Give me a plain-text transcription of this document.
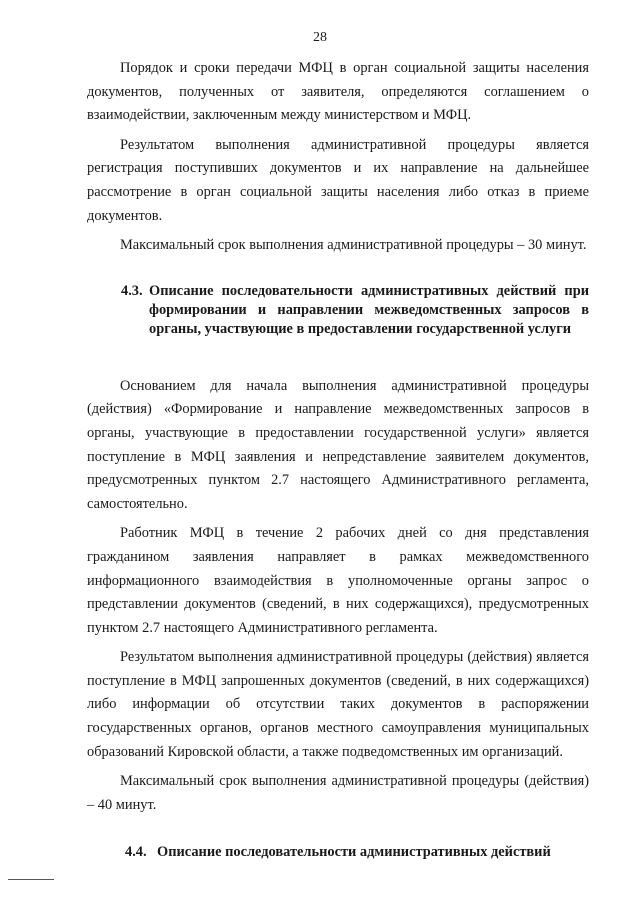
28

Порядок и сроки передачи МФЦ в орган социальной защиты населения документов, полученных от заявителя, определяются соглашением о взаимодействии, заключенным между министерством и МФЦ.

Результатом выполнения административной процедуры является регистрация поступивших документов и их направление на дальнейшее рассмотрение в орган социальной защиты населения либо отказ в приеме документов.

Максимальный срок выполнения административной процедуры – 30 минут.

4.3. Описание последовательности административных действий при формировании и направлении межведомственных запросов в органы, участвующие в предоставлении государственной услуги

Основанием для начала выполнения административной процедуры (действия) «Формирование и направление межведомственных запросов в органы, участвующие в предоставлении государственной услуги» является поступление в МФЦ заявления и непредставление заявителем документов, предусмотренных пунктом 2.7 настоящего Административного регламента, самостоятельно.

Работник МФЦ в течение 2 рабочих дней со дня представления гражданином заявления направляет в рамках межведомственного информационного взаимодействия в уполномоченные органы запрос о представлении документов (сведений, в них содержащихся), предусмотренных пунктом 2.7 настоящего Административного регламента.

Результатом выполнения административной процедуры (действия) является поступление в МФЦ запрошенных документов (сведений, в них содержащихся) либо информации об отсутствии таких документов в распоряжении государственных органов, органов местного самоуправления муниципальных образований Кировской области, а также подведомственных им организаций.

Максимальный срок выполнения административной процедуры (действия) – 40 минут.

4.4. Описание последовательности административных действий
